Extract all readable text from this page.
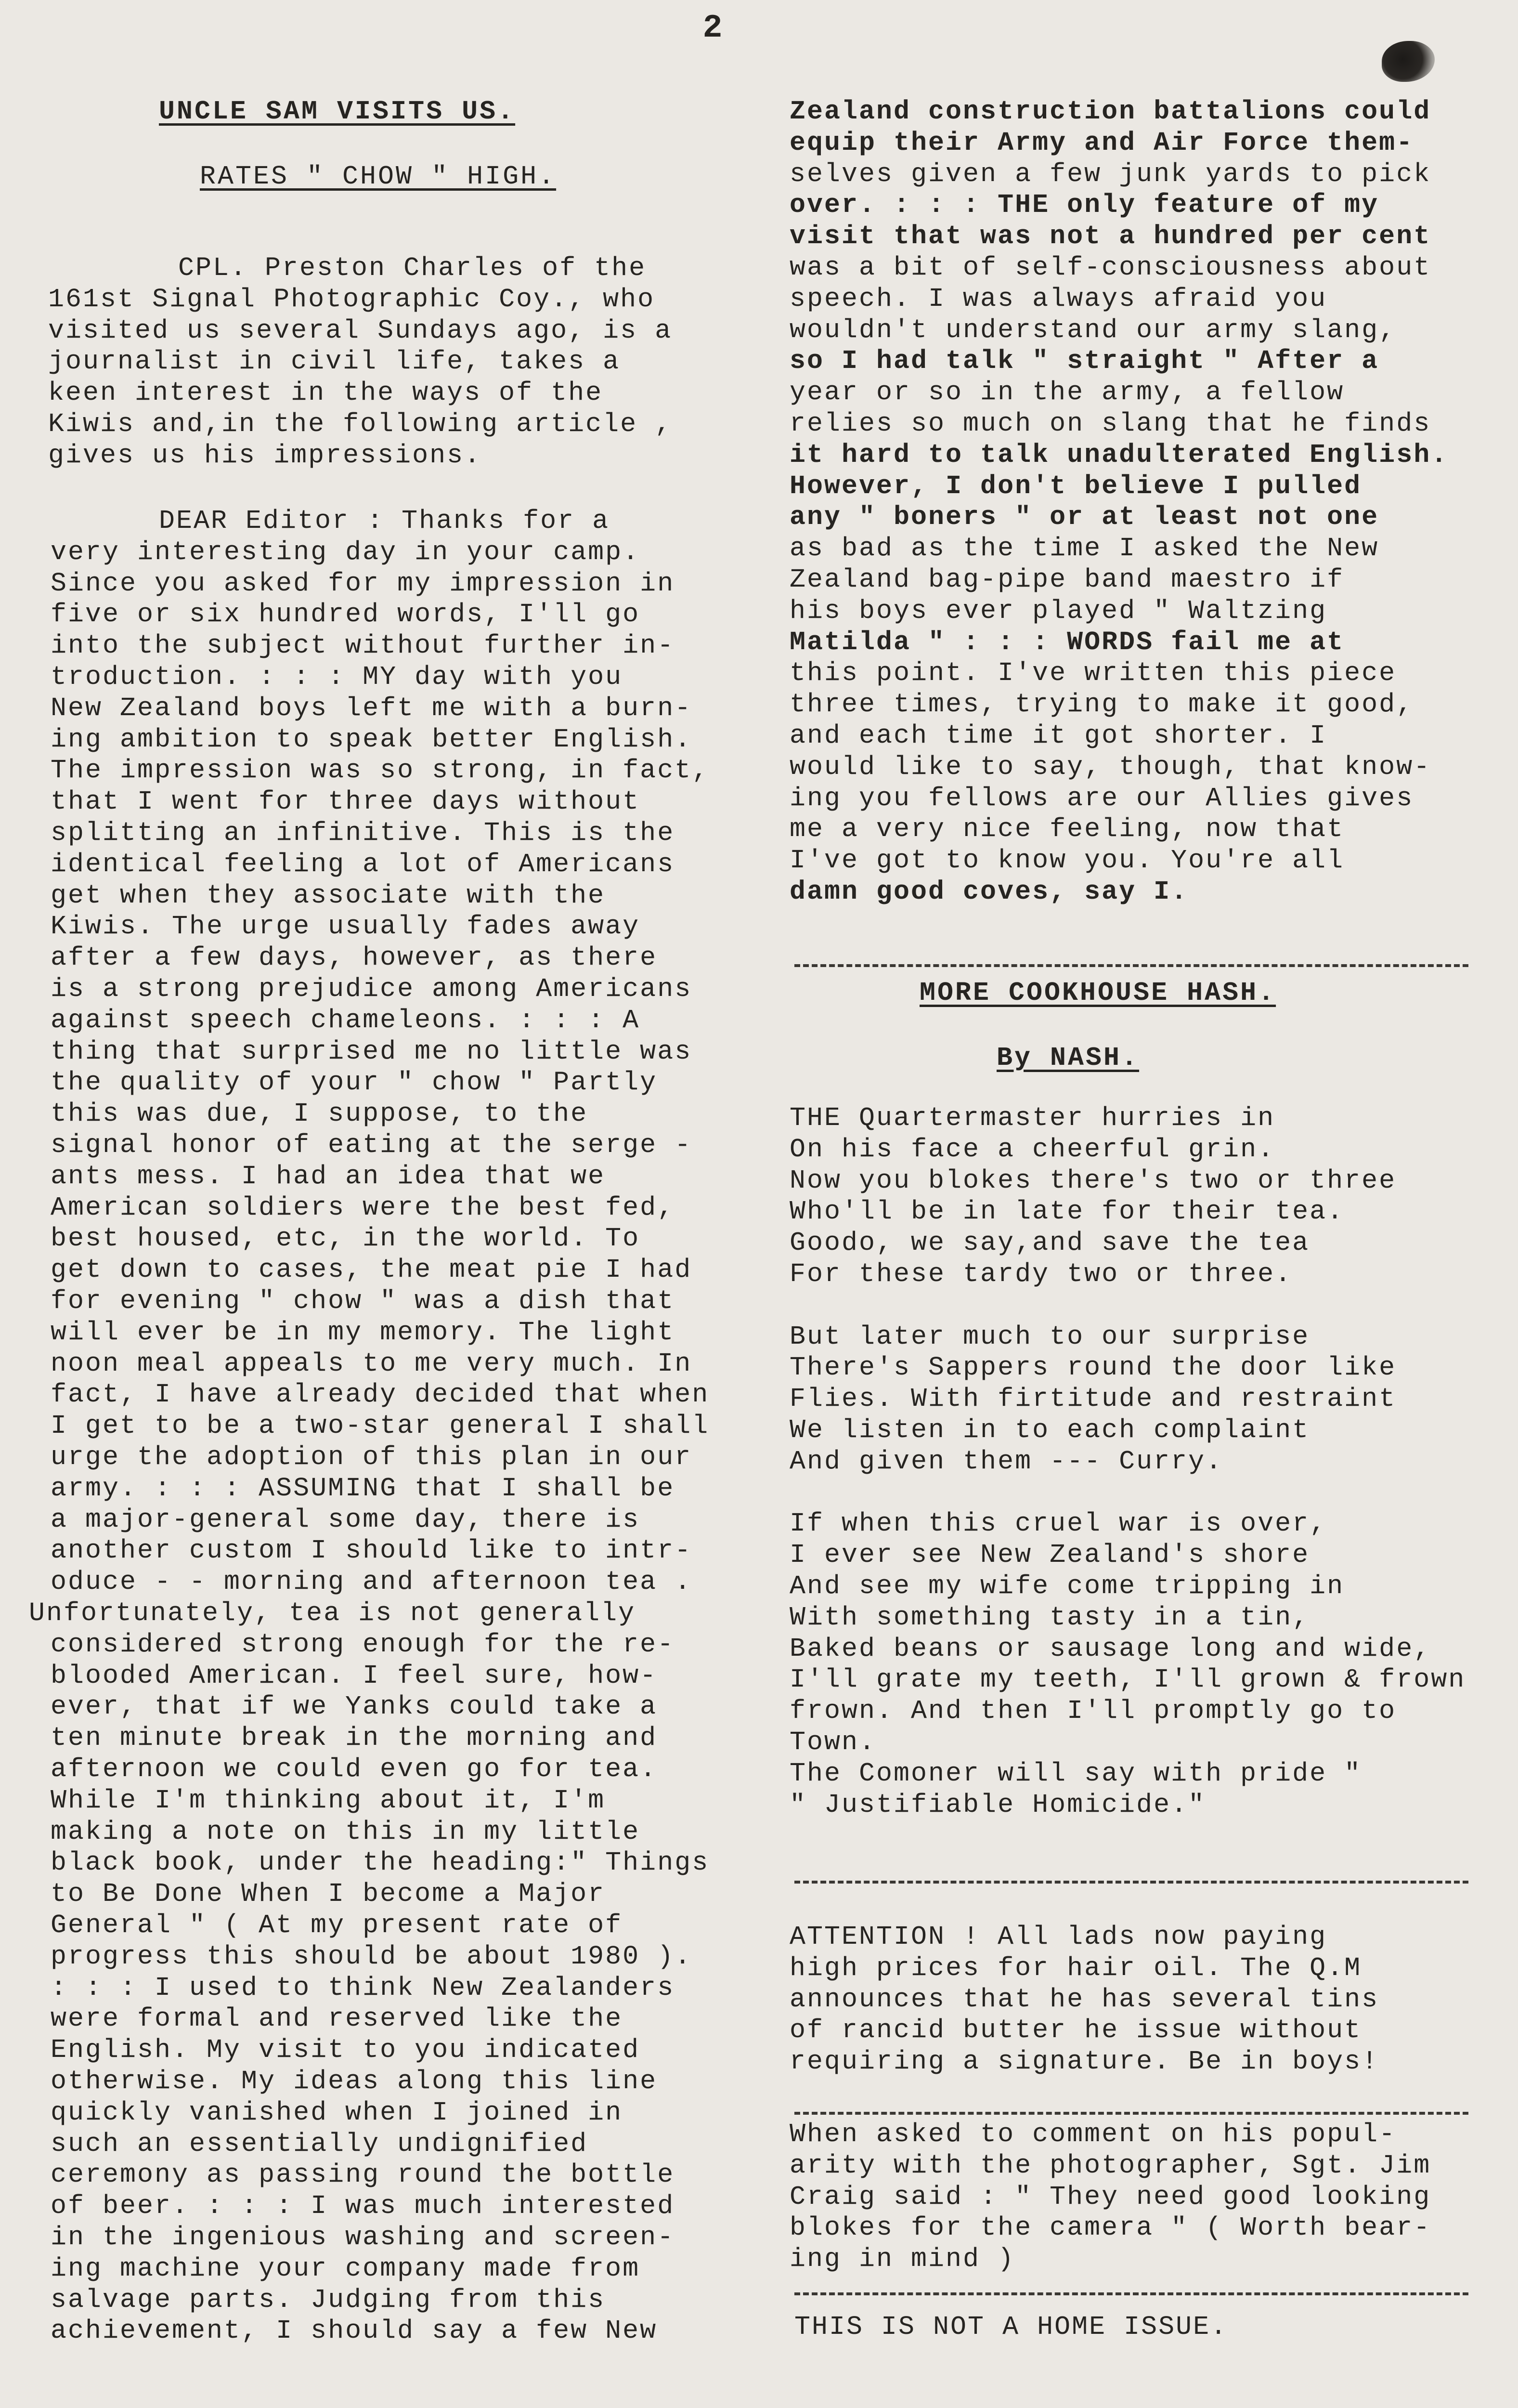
2
UNCLE SAM VISITS US.
RATES " CHOW " HIGH.
CPL. Preston Charles of the
161st Signal Photographic Coy., who
visited us several Sundays ago, is a
journalist in civil life, takes a
keen interest in the ways of the
Kiwis and,in the following article ,
gives us his impressions.
DEAR Editor : Thanks for a
very interesting day in your camp.
Since you asked for my impression in
five or six hundred words, I'll go
into the subject without further in-
troduction. : : : MY day with you
New Zealand boys left me with a burn-
ing ambition to speak better English.
The impression was so strong, in fact,
that I went for three days without
splitting an infinitive. This is the
identical feeling a lot of Americans
get when they associate with the
Kiwis. The urge usually fades away
after a few days, however, as there
is a strong prejudice among Americans
against speech chameleons. : : : A
thing that surprised me no little was
the quality of your " chow " Partly
this was due, I suppose, to the
signal honor of eating at the serge -
ants mess. I had an idea that we
American soldiers were the best fed,
best housed, etc, in the world. To
get down to cases, the meat pie I had
for evening " chow " was a dish that
will ever be in my memory. The light
noon meal appeals to me very much. In
fact, I have already decided that when
I get to be a two-star general I shall
urge the adoption of this plan in our
army. : : : ASSUMING that I shall be
a major-general some day, there is
another custom I should like to intr-
oduce - - morning and afternoon tea .
Unfortunately, tea is not generally
considered strong enough for the re-
blooded American. I feel sure, how-
ever, that if we Yanks could take a
ten minute break in the morning and
afternoon we could even go for tea.
While I'm thinking about it, I'm
making a note on this in my little
black book, under the heading:" Things
to Be Done When I become a Major
General " ( At my present rate of
progress this should be about 1980 ).
: : : I used to think New Zealanders
were formal and reserved like the
English. My visit to you indicated
otherwise. My ideas along this line
quickly vanished when I joined in
such an essentially undignified
ceremony as passing round the bottle
of beer. : : : I was much interested
in the ingenious washing and screen-
ing machine your company made from
salvage parts. Judging from this
achievement, I should say a few New
MORE COOKHOUSE HASH.
By NASH.
THIS IS NOT A HOME ISSUE.
Zealand construction battalions could
equip their Army and Air Force them-
selves given a few junk yards to pick
over. : : : THE only feature of my
visit that was not a hundred per cent
was a bit of self-consciousness about
speech. I was always afraid you
wouldn't understand our army slang,
so I had talk " straight " After a
year or so in the army, a fellow
relies so much on slang that he finds
it hard to talk unadulterated English.
However, I don't believe I pulled
any " boners " or at least not one
as bad as the time I asked the New
Zealand bag-pipe band maestro if
his boys ever played " Waltzing
Matilda " : : : WORDS fail me at
this point. I've written this piece
three times, trying to make it good,
and each time it got shorter. I
would like to say, though, that know-
ing you fellows are our Allies gives
me a very nice feeling, now that
I've got to know you. You're all
damn good coves, say I.
THE Quartermaster hurries in
On his face a cheerful grin.
Now you blokes there's two or three
Who'll be in late for their tea.
Goodo, we say,and save the tea
For these tardy two or three.
But later much to our surprise
There's Sappers round the door like
Flies. With firtitude and restraint
We listen in to each complaint
And given them --- Curry.
If when this cruel war is over,
I ever see New Zealand's shore
And see my wife come tripping in
With something tasty in a tin,
Baked beans or sausage long and wide,
I'll grate my teeth, I'll grown & frown
frown. And then I'll promptly go to
Town.
The Comoner will say with pride "
" Justifiable Homicide."
ATTENTION ! All lads now paying
high prices for hair oil. The Q.M
announces that he has several tins
of rancid butter he issue without
requiring a signature. Be in boys!
When asked to comment on his popul-
arity with the photographer, Sgt. Jim
Craig said : " They need good looking
blokes for the camera " ( Worth bear-
ing in mind )
